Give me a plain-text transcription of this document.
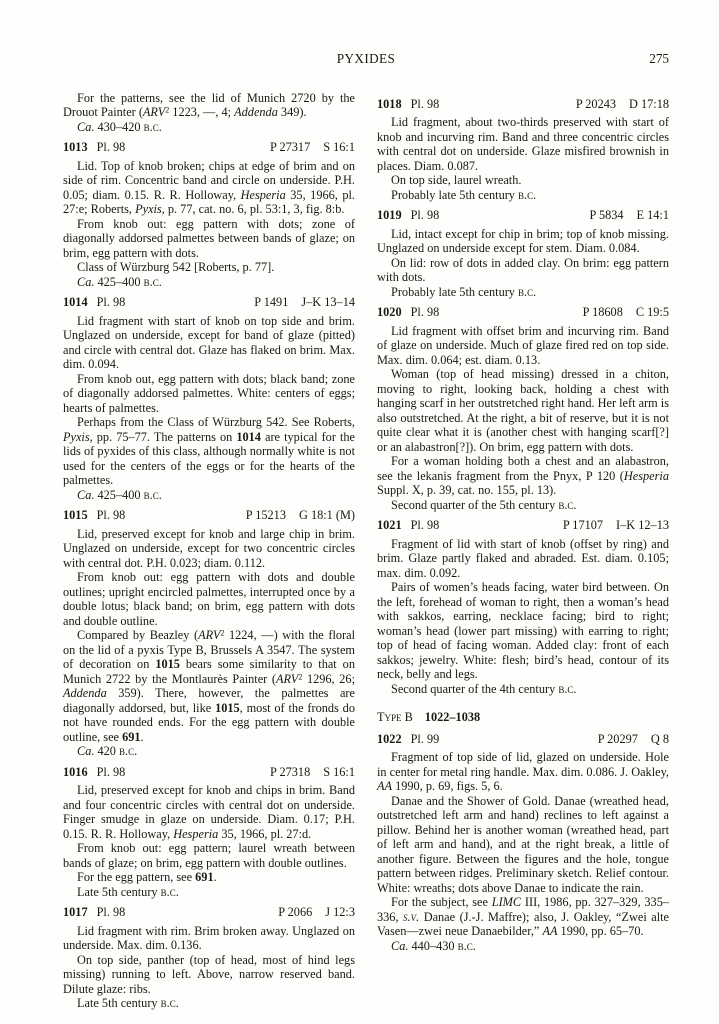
PYXIDES	275
For the patterns, see the lid of Munich 2720 by the Drouot Painter (ARV$^2$ 1223, —, 4; Addenda 349).
Ca. 430–420 b.c.
1013 Pl. 98	P 27317 S 16:1
Lid. Top of knob broken; chips at edge of brim and on side of rim. Concentric band and circle on underside. P.H. 0.05; diam. 0.15. R. R. Holloway, Hesperia 35, 1966, pl. 27:e; Roberts, Pyxis, p. 77, cat. no. 6, pl. 53:1, 3, fig. 8:b.
From knob out: egg pattern with dots; zone of diagonally addorsed palmettes between bands of glaze; on brim, egg pattern with dots.
Class of Würzburg 542 [Roberts, p. 77].
Ca. 425–400 b.c.
1014 Pl. 98	P 1491 J–K 13–14
Lid fragment with start of knob on top side and brim. Unglazed on underside, except for band of glaze (pitted) and circle with central dot. Glaze has flaked on brim. Max. dim. 0.094.
From knob out, egg pattern with dots; black band; zone of diagonally addorsed palmettes. White: centers of eggs; hearts of palmettes.
Perhaps from the Class of Würzburg 542. See Roberts, Pyxis, pp. 75–77. The patterns on 1014 are typical for the lids of pyxides of this class, although normally white is not used for the centers of the eggs or for the hearts of the palmettes.
Ca. 425–400 b.c.
1015 Pl. 98	P 15213 G 18:1 (M)
Lid, preserved except for knob and large chip in brim. Unglazed on underside, except for two concentric circles with central dot. P.H. 0.023; diam. 0.112.
From knob out: egg pattern with dots and double outlines; upright encircled palmettes, interrupted once by a double lotus; black band; on brim, egg pattern with dots and double outline.
Compared by Beazley (ARV$^2$ 1224, —) with the floral on the lid of a pyxis Type B, Brussels A 3547. The system of decoration on 1015 bears some similarity to that on Munich 2722 by the Montlaurès Painter (ARV$^2$ 1296, 26; Addenda 359). There, however, the palmettes are diagonally addorsed, but, like 1015, most of the fronds do not have rounded ends. For the egg pattern with double outline, see 691.
Ca. 420 b.c.
1016 Pl. 98	P 27318 S 16:1
Lid, preserved except for knob and chips in brim. Band and four concentric circles with central dot on underside. Finger smudge in glaze on underside. Diam. 0.17; P.H. 0.15. R. R. Holloway, Hesperia 35, 1966, pl. 27:d.
From knob out: egg pattern; laurel wreath between bands of glaze; on brim, egg pattern with double outlines.
For the egg pattern, see 691.
Late 5th century b.c.
1017 Pl. 98	P 2066 J 12:3
Lid fragment with rim. Brim broken away. Unglazed on underside. Max. dim. 0.136.
On top side, panther (top of head, most of hind legs missing) running to left. Above, narrow reserved band. Dilute glaze: ribs.
Late 5th century b.c.
1018 Pl. 98	P 20243 D 17:18
Lid fragment, about two-thirds preserved with start of knob and incurving rim. Band and three concentric circles with central dot on underside. Glaze misfired brownish in places. Diam. 0.087.
On top side, laurel wreath.
Probably late 5th century b.c.
1019 Pl. 98	P 5834 E 14:1
Lid, intact except for chip in brim; top of knob missing. Unglazed on underside except for stem. Diam. 0.084.
On lid: row of dots in added clay. On brim: egg pattern with dots.
Probably late 5th century b.c.
1020 Pl. 98	P 18608 C 19:5
Lid fragment with offset brim and incurving rim. Band of glaze on underside. Much of glaze fired red on top side. Max. dim. 0.064; est. diam. 0.13.
Woman (top of head missing) dressed in a chiton, moving to right, looking back, holding a chest with hanging scarf in her outstretched right hand. Her left arm is also outstretched. At the right, a bit of reserve, but it is not quite clear what it is (another chest with hanging scarf[?] or an alabastron[?]). On brim, egg pattern with dots.
For a woman holding both a chest and an alabastron, see the lekanis fragment from the Pnyx, P 120 (Hesperia Suppl. X, p. 39, cat. no. 155, pl. 13).
Second quarter of the 5th century b.c.
1021 Pl. 98	P 17107 I–K 12–13
Fragment of lid with start of knob (offset by ring) and brim. Glaze partly flaked and abraded. Est. diam. 0.105; max. dim. 0.092.
Pairs of women’s heads facing, water bird between. On the left, forehead of woman to right, then a woman’s head with sakkos, earring, necklace facing; bird to right; woman’s head (lower part missing) with earring to right; top of head of facing woman. Added clay: front of each sakkos; jewelry. White: flesh; bird’s head, contour of its neck, belly and legs.
Second quarter of the 4th century b.c.
Type B 1022–1038
1022 Pl. 99	P 20297 Q 8
Fragment of top side of lid, glazed on underside. Hole in center for metal ring handle. Max. dim. 0.086. J. Oakley, AA 1990, p. 69, figs. 5, 6.
Danae and the Shower of Gold. Danae (wreathed head, outstretched left arm and hand) reclines to left against a pillow. Behind her is another woman (wreathed head, part of left arm and hand), and at the right break, a little of another figure. Between the figures and the hole, tongue pattern between ridges. Preliminary sketch. Relief contour. White: wreaths; dots above Danae to indicate the rain.
For the subject, see LIMC III, 1986, pp. 327–329, 335–336, s.v. Danae (J.-J. Maffre); also, J. Oakley, “Zwei alte Vasen—zwei neue Danaebilder,” AA 1990, pp. 65–70.
Ca. 440–430 b.c.
